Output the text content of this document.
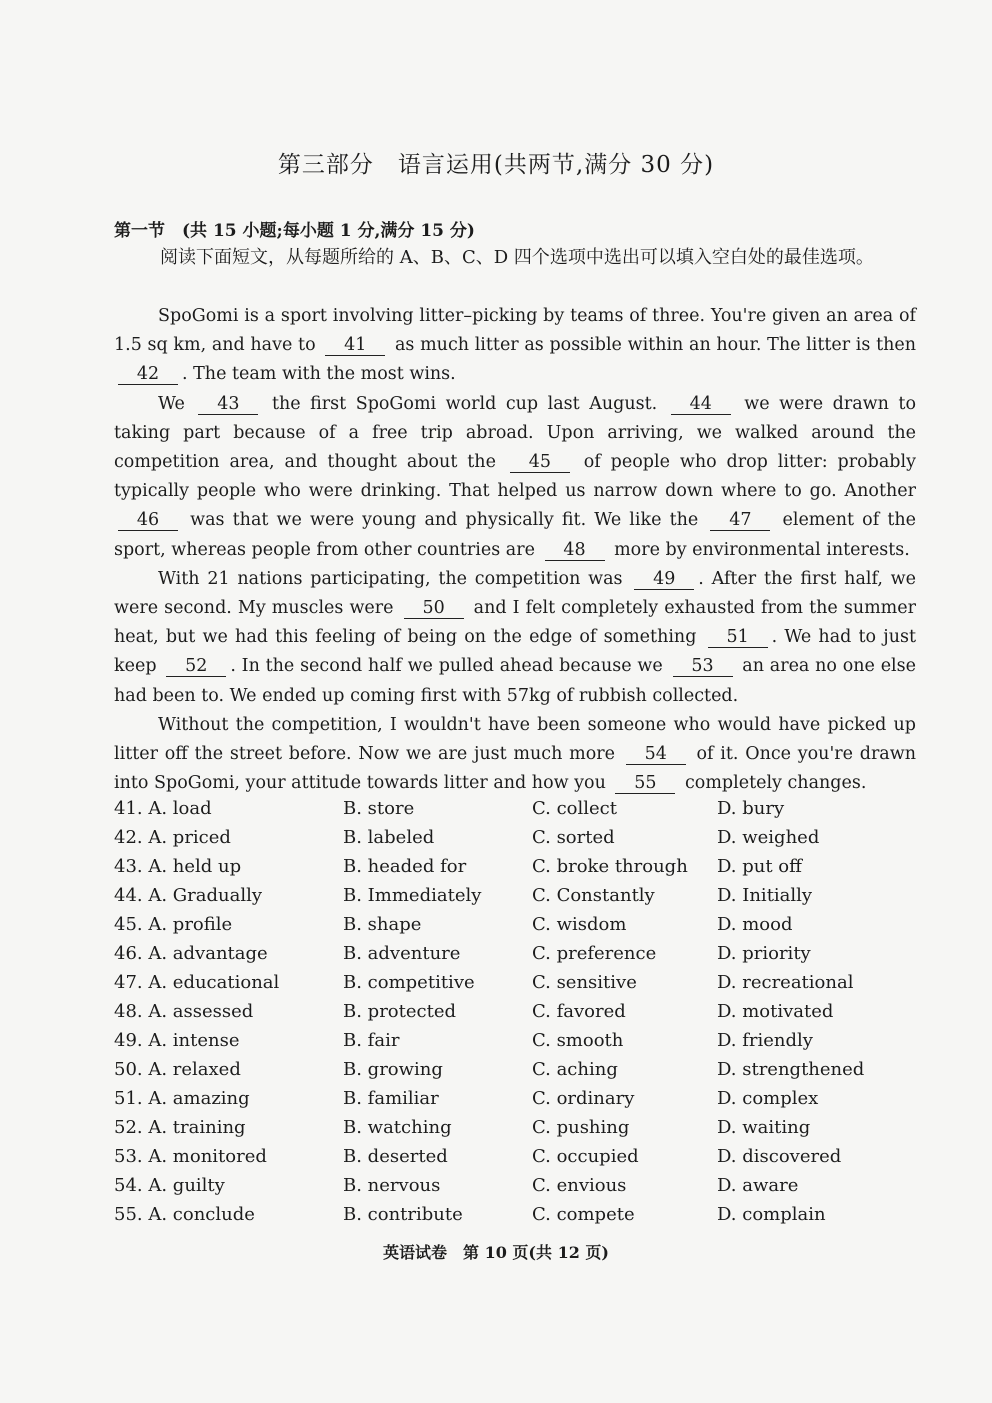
第三部分　语言运用(共两节,满分 30 分)
第一节　(共 15 小题;每小题 1 分,满分 15 分)
阅读下面短文，从每题所给的 A、B、C、D 四个选项中选出可以填入空白处的最佳选项。

SpoGomi is a sport involving litter–picking by teams of three. You're given an area of 1.5 sq km, and have to 41 as much litter as possible within an hour. The litter is then 42 . The team with the most wins.

We 43 the first SpoGomi world cup last August. 44 we were drawn to taking part because of a free trip abroad. Upon arriving, we walked around the competition area, and thought about the 45 of people who drop litter: probably typically people who were drinking. That helped us narrow down where to go. Another 46 was that we were young and physically fit. We like the 47 element of the sport, whereas people from other countries are 48 more by environmental interests.

With 21 nations participating, the competition was 49 . After the first half, we were second. My muscles were 50 and I felt completely exhausted from the summer heat, but we had this feeling of being on the edge of something 51 . We had to just keep 52 . In the second half we pulled ahead because we 53 an area no one else had been to. We ended up coming first with 57kg of rubbish collected.

Without the competition, I wouldn't have been someone who would have picked up litter off the street before. Now we are just much more 54 of it. Once you're drawn into SpoGomi, your attitude towards litter and how you 55 completely changes.

41. A. load	B. store	C. collect	D. bury
42. A. priced	B. labeled	C. sorted	D. weighed
43. A. held up	B. headed for	C. broke through D. put off
44. A. Gradually	B. Immediately	C. Constantly	D. Initially
45. A. profile	B. shape	C. wisdom	D. mood
46. A. advantage	B. adventure	C. preference	D. priority
47. A. educational	B. competitive	C. sensitive	D. recreational
48. A. assessed	B. protected	C. favored	D. motivated
49. A. intense	B. fair	C. smooth	D. friendly
50. A. relaxed	B. growing	C. aching	D. strengthened
51. A. amazing	B. familiar	C. ordinary	D. complex
52. A. training	B. watching	C. pushing	D. waiting
53. A. monitored	B. deserted	C. occupied	D. discovered
54. A. guilty	B. nervous	C. envious	D. aware
55. A. conclude	B. contribute	C. compete	D. complain
英语试卷　第 10 页(共 12 页)
